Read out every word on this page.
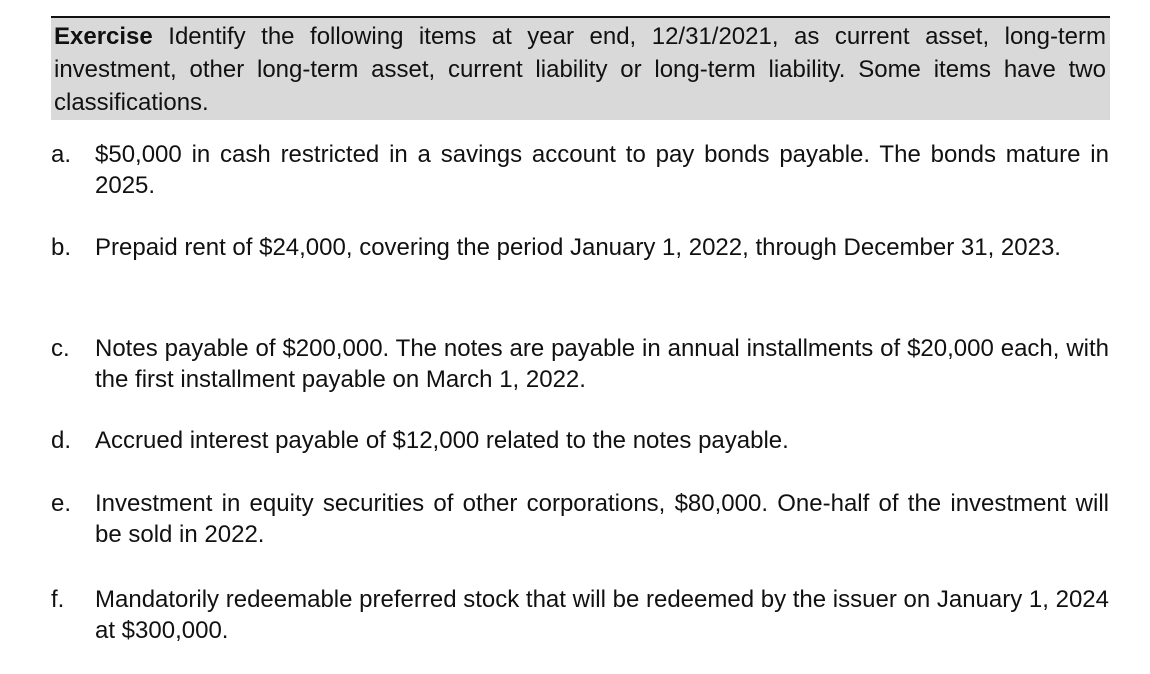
Exercise Identify the following items at year end, 12/31/2021, as current asset, long-term investment, other long-term asset, current liability or long-term liability. Some items have two classifications.

a. $50,000 in cash restricted in a savings account to pay bonds payable. The bonds mature in 2025.
b. Prepaid rent of $24,000, covering the period January 1, 2022, through December 31, 2023.
c.	Notes payable of $200,000. The notes are payable in annual installments of $20,000 each, with the first installment payable on March 1, 2022.
d. Accrued interest payable of $12,000 related to the notes payable.
e. Investment in equity securities of other corporations, $80,000. One-half of the investment will be sold in 2022.
f.	Mandatorily redeemable preferred stock that will be redeemed by the issuer on January 1, 2024 at $300,000.
